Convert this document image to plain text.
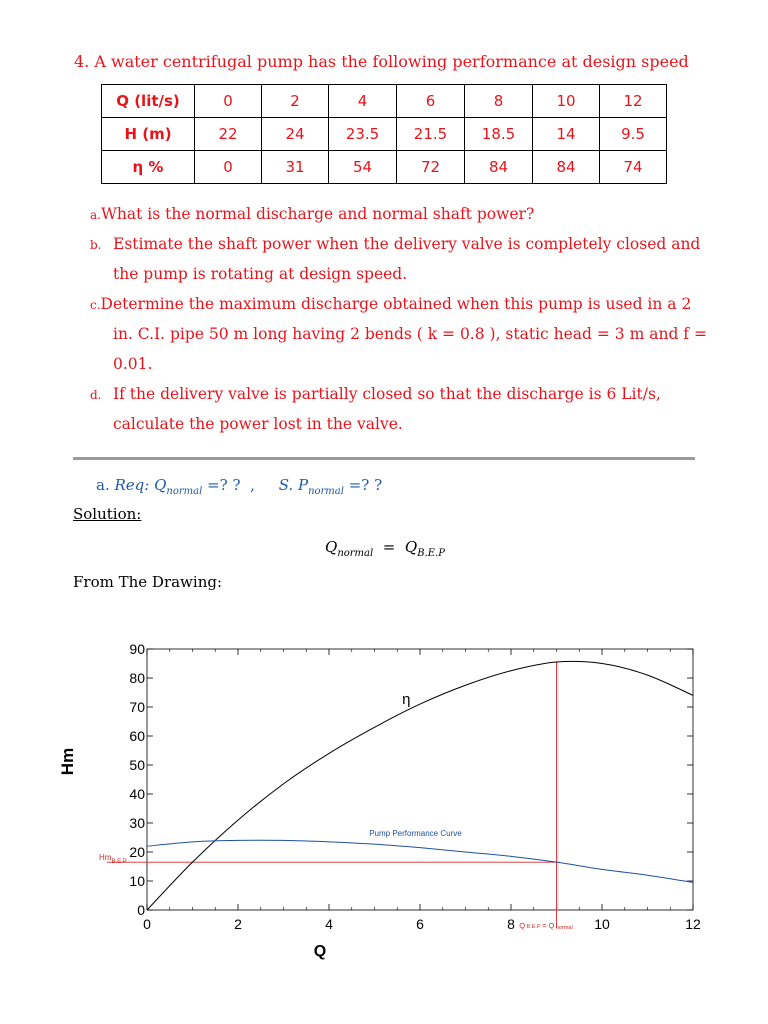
4. A water centrifugal pump has the following performance at design speed
Q (lit/s)	0	2	4	6	8	10	12
H (m)	22	24	23.5	21.5	18.5	14	9.5
η %	0	31	54	72	84	84	74
a.What is the normal discharge and normal shaft power?
b. Estimate the shaft power when the delivery valve is completely closed and
the pump is rotating at design speed.
c.Determine the maximum discharge obtained when this pump is used in a 2
in. C.I. pipe 50 m long having 2 bends ( k = 0.8 ), static head = 3 m and f =
0.01.
d. If the delivery valve is partially closed so that the discharge is 6 Lit/s,
calculate the power lost in the valve.
a. Req: $Q_{normal}$ =? ? , S. $P_{normal}$ =? ?
Solution:
$Q_{normal} = Q_{B.E.P}$
From The Drawing:
0
10
20
30
40
50
60
70
80
90
0	2	4	6	8	10	12
Q
Hm
η
Pump Performance Curve
$Hm_{B.E.P}$
Q B.E.P = Q normal
